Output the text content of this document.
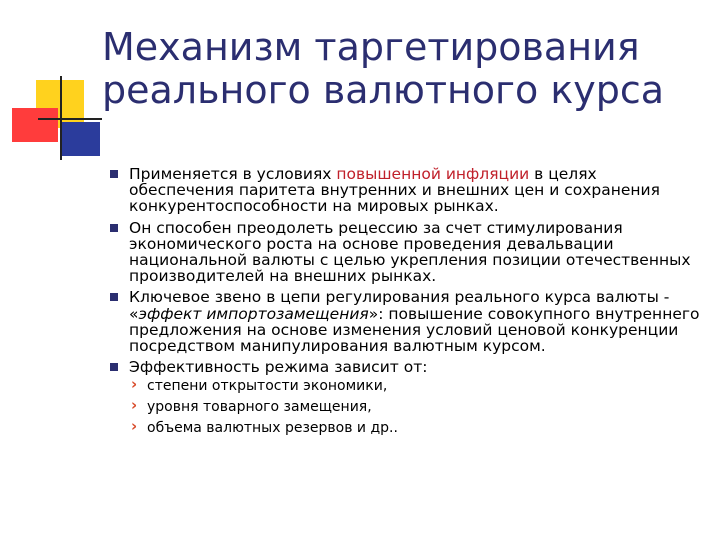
Механизм таргетирования реального валютного курса
Применяется в условиях повышенной инфляции в целях обеспечения паритета внутренних и внешних цен и сохранения конкурентоспособности на мировых рынках.
Он способен преодолеть рецессию за счет стимулирования экономического роста на основе проведения девальвации национальной валюты с целью укрепления позиции отечественных производителей на внешних рынках.
Ключевое звено в цепи регулирования реального курса валюты - «эффект импортозамещения»: повышение совокупного внутреннего предложения на основе изменения условий ценовой конкуренции посредством манипулирования валютным курсом.
Эффективность режима зависит от:
› степени открытости экономики,
› уровня товарного замещения,
› объема валютных резервов и др..
